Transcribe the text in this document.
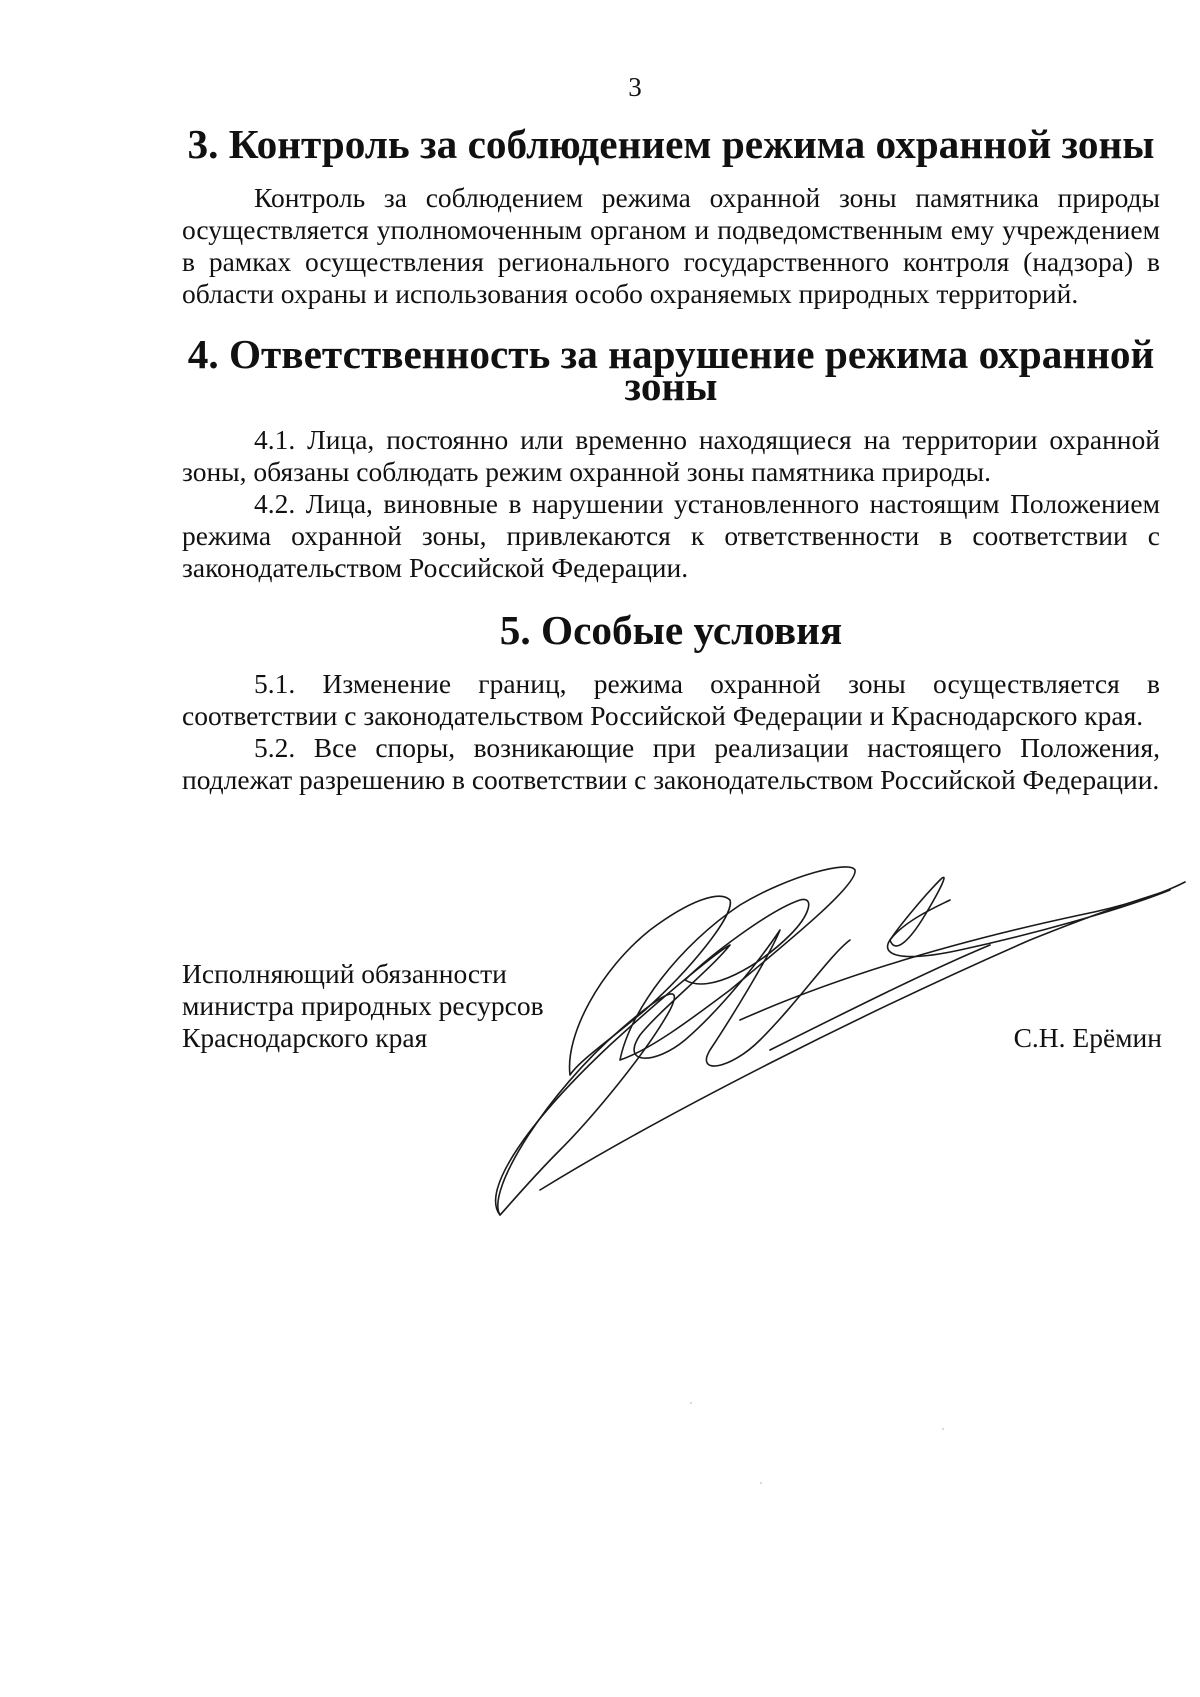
3
3. Контроль за соблюдением режима охранной зоны

Контроль за соблюдением режима охранной зоны памятника природы осуществляется уполномоченным органом и подведомственным ему учреждением в рамках осуществления регионального государственного контроля (надзора) в области охраны и использования особо охраняемых природных территорий.

4. Ответственность за нарушение режима охранной зоны

4.1. Лица, постоянно или временно находящиеся на территории охранной зоны, обязаны соблюдать режим охранной зоны памятника природы.

4.2. Лица, виновные в нарушении установленного настоящим Положением режима охранной зоны, привлекаются к ответственности в соответствии с законодательством Российской Федерации.

5. Особые условия

5.1. Изменение границ, режима охранной зоны осуществляется в соответствии с законодательством Российской Федерации и Краснодарского края.

5.2. Все споры, возникающие при реализации настоящего Положения, подлежат разрешению в соответствии с законодательством Российской Федерации.

Исполняющий обязанности
министра природных ресурсов
Краснодарского края	С.Н. Ерёмин
